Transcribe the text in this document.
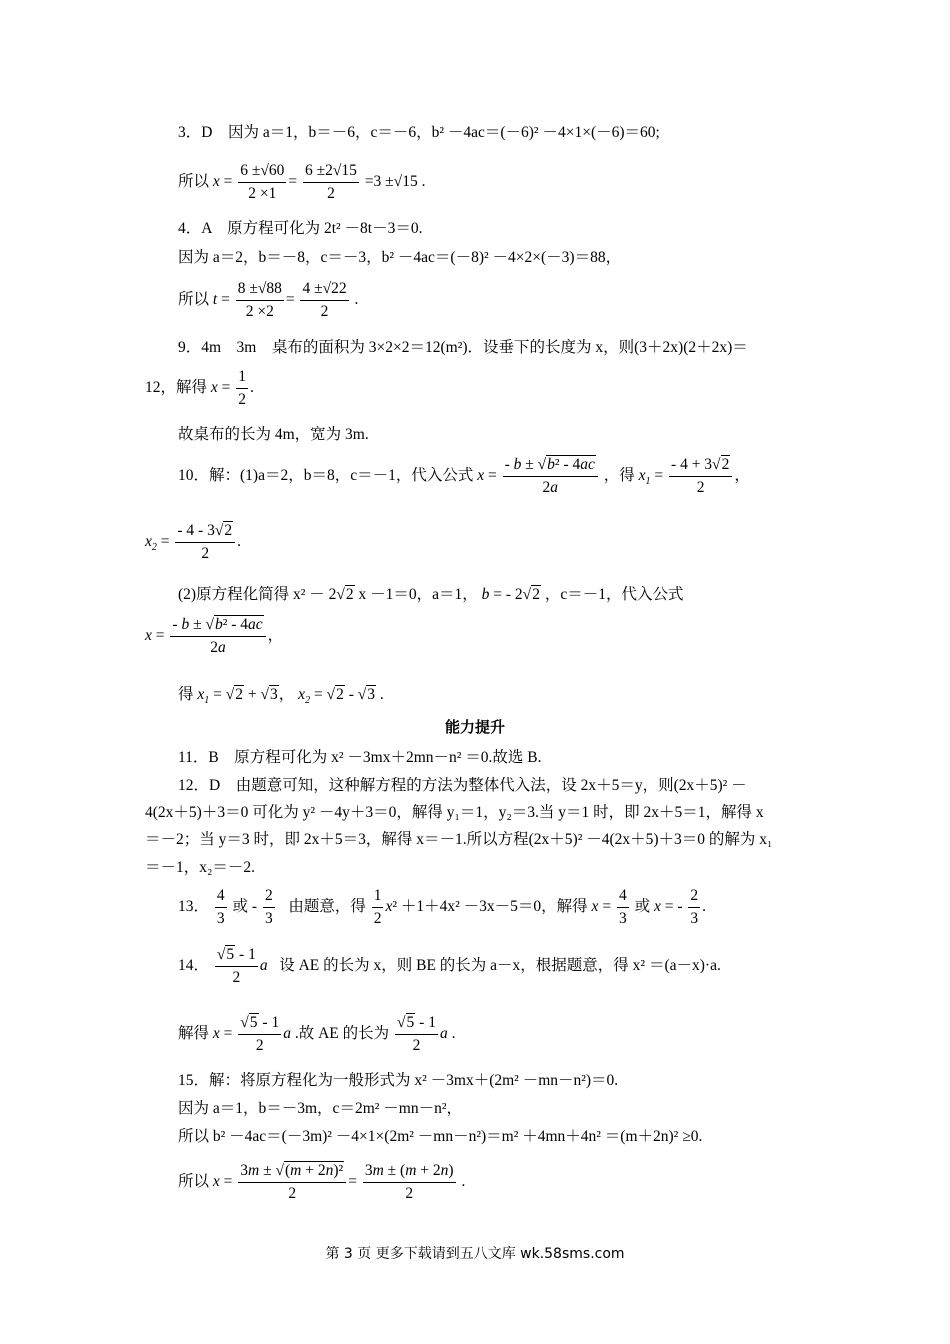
3．D　因为 a＝1，b＝－6，c＝－6，b² －4ac＝(－6)² －4×1×(－6)＝60;
所以 $x = \frac{6 \pm√60}{2 \times 1} = \frac{6 \pm 2√15}{2} =3 \pm√15$ .
4．A　原方程可化为 2t² －8t－3＝0.
因为 a＝2，b＝－8，c＝－3，b² －4ac＝(－8)² －4×2×(－3)＝88，
所以 $t = \frac{8 \pm√88}{2 \times 2} = \frac{4 \pm√22}{2}$ .
9．4m　3m　桌布的面积为 3×2×2＝12(m²)．设垂下的长度为 x，则(3＋2x)(2＋2x)＝
12，解得 $x = \frac{1}{2}$ .
故桌布的长为 4m，宽为 3m.
10．解：(1)a＝2，b＝8，c＝－1，代入公式 $x = \frac{\text{- b ± √b² - 4ac}}{2a}$ ，得 $x_1 = \frac{- 4 + 3√2}{2}$ ，
$x_2 = \frac{- 4 - 3√2}{2}$ .
(2)原方程化简得 x² － 2√2 x －1＝0，a＝1， b = - 2√2 ，c＝－1，代入公式
$x = \frac{\text{- b ± √b² - 4ac}}{2a}$ ，
得 $x_1 = √2 + √3$， $x_2 = √2 - √3$ .
能力提升
11．B　原方程可化为 x² －3mx＋2mn－n² ＝0.故选 B.
12．D　由题意可知，这种解方程的方法为整体代入法，设 2x＋5＝y，则(2x＋5)² －
4(2x＋5)＋3＝0 可化为 y² －4y＋3＝0，解得 y₁＝1，y₂＝3.当 y＝1 时，即 2x＋5＝1，解得 x
＝－2；当 y＝3 时，即 2x＋5＝3，解得 x＝－1.所以方程(2x＋5)² －4(2x＋5)＋3＝0 的解为 x₁
＝－1，x₂＝－2.
13． $\frac{4}{3}$ 或 - $\frac{2}{3}$ 由题意，得 $\frac{1}{2} x^2 +1+4x^2 -3x-5=0$，解得 $x = \frac{4}{3}$ 或 x = - $\frac{2}{3}$ .
14． $\frac{√5 - 1}{2}$ a 设 AE 的长为 x，则 BE 的长为 a－x，根据题意，得 x² ＝(a－x)·a.
解得 $x = \frac{√5 - 1}{2}$ a .故 AE 的长为 $\frac{√5 - 1}{2}$ a .
15．解：将原方程化为一般形式为 x² －3mx＋(2m² －mn－n²)＝0.
因为 a＝1，b＝－3m，c＝2m² －mn－n²，
所以 b² －4ac＝(－3m)² －4×1×(2m² －mn－n²)＝m² ＋4mn＋4n² ＝(m＋2n)² ≥0.
所以 $x = \frac{\text{3m ± √(m + 2n)²}}{2} = \frac{3m \pm (m + 2n)}{2}$ .
第 3 页 更多下载请到五八文库 wk.58sms.com
